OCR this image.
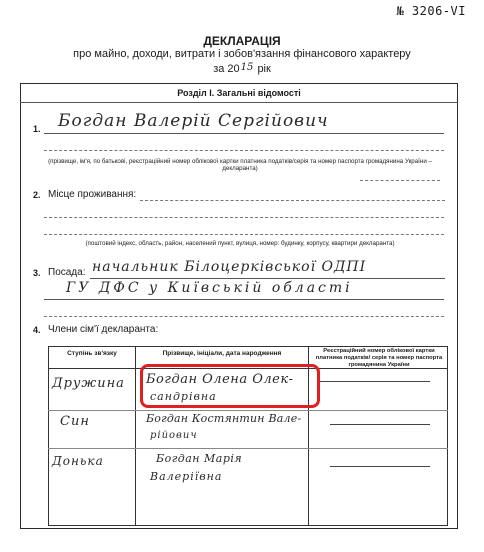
№ 3206-VI
ДЕКЛАРАЦІЯ
про майно, доходи, витрати і зобов'язання фінансового характеру
за 2015 рік
Розділ I. Загальні відомості
1. Богдан Валерій Сергійович
(прізвище, ім'я, по батькові, реєстраційний номер облікової картки платника податків/серія та номер паспорта громадянина України – декларанта)
2. Місце проживання:
(поштовий індекс, область, район, населений пункт, вулиця, номер: будинку, корпусу, квартири декларанта)
3. Посада: начальник Білоцерківської ОДПІ
ГУ ДФС у Київській області
4. Члени сім'ї декларанта:
Ступінь зв'язку	Прізвище, ініціали, дата народження	Реєстраційний номер облікової картки платника податків/ серія та номер паспорта громадянина України
Дружина Богдан Олена Олек-
сандрівна
Син	Богдан Костянтин Вале-
рійович
Донька	Богдан Марія
Валеріївна
